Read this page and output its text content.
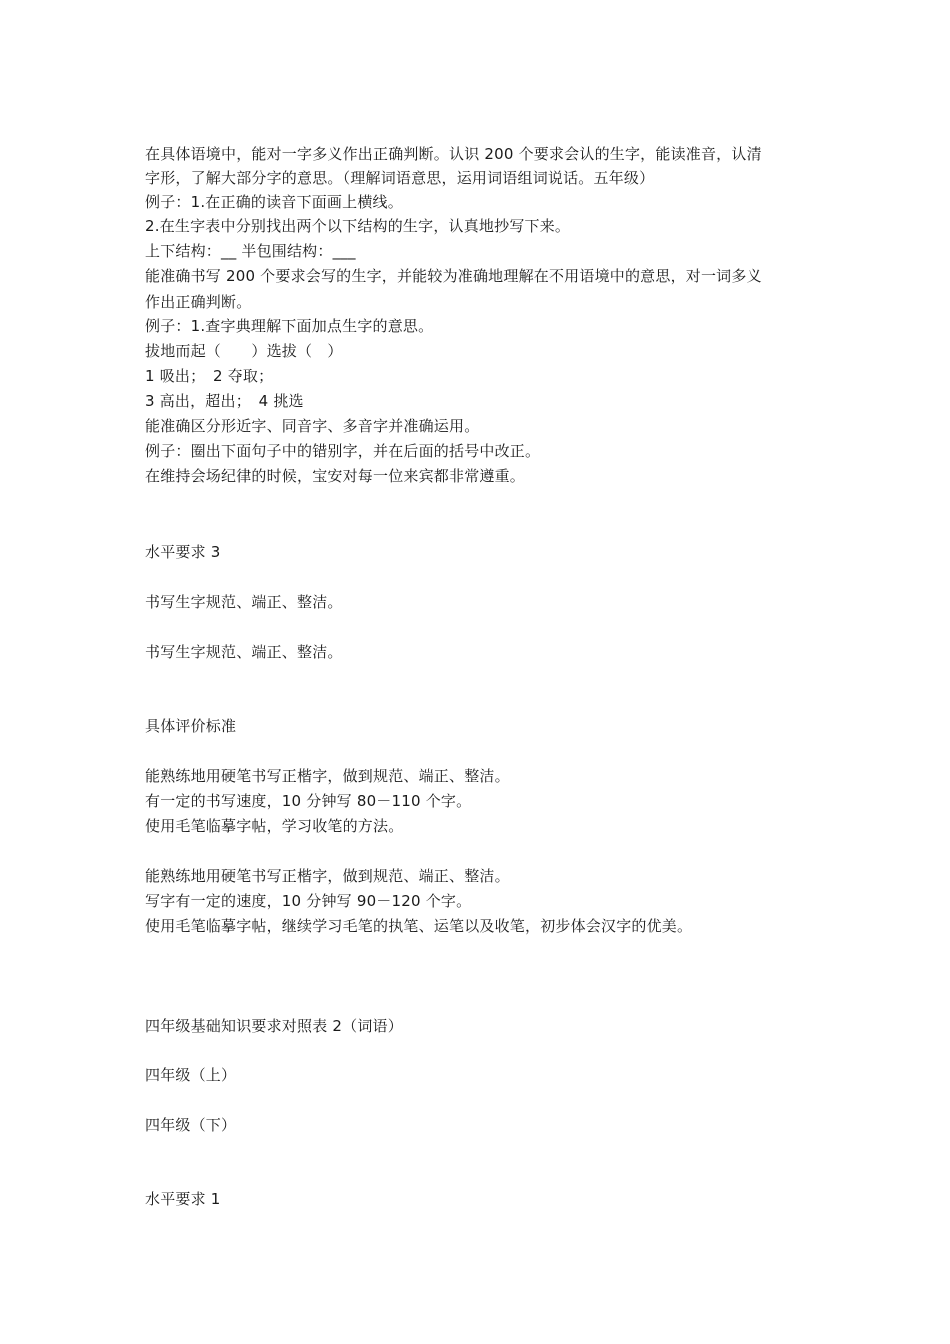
在具体语境中，能对一字多义作出正确判断。认识 200 个要求会认的生字，能读准音，认清
字形，了解大部分字的意思。（理解词语意思，运用词语组词说话。五年级）
例子：1.在正确的读音下面画上横线。
2.在生字表中分别找出两个以下结构的生字，认真地抄写下来。
上下结构：__ 半包围结构：___
能准确书写 200 个要求会写的生字，并能较为准确地理解在不用语境中的意思，对一词多义
作出正确判断。
例子：1.查字典理解下面加点生字的意思。
拔地而起（　　）选拔（　）
1 吸出；　2 夺取；
3 高出，超出；　4 挑选
能准确区分形近字、同音字、多音字并准确运用。
例子：圈出下面句子中的错别字，并在后面的括号中改正。
在维持会场纪律的时候，宝安对每一位来宾都非常遵重。
水平要求 3
书写生字规范、端正、整洁。
书写生字规范、端正、整洁。
具体评价标准
能熟练地用硬笔书写正楷字，做到规范、端正、整洁。
有一定的书写速度，10 分钟写 80－110 个字。
使用毛笔临摹字帖，学习收笔的方法。
能熟练地用硬笔书写正楷字，做到规范、端正、整洁。
写字有一定的速度，10 分钟写 90－120 个字。
使用毛笔临摹字帖，继续学习毛笔的执笔、运笔以及收笔，初步体会汉字的优美。
四年级基础知识要求对照表 2（词语）
四年级（上）
四年级（下）
水平要求 1
